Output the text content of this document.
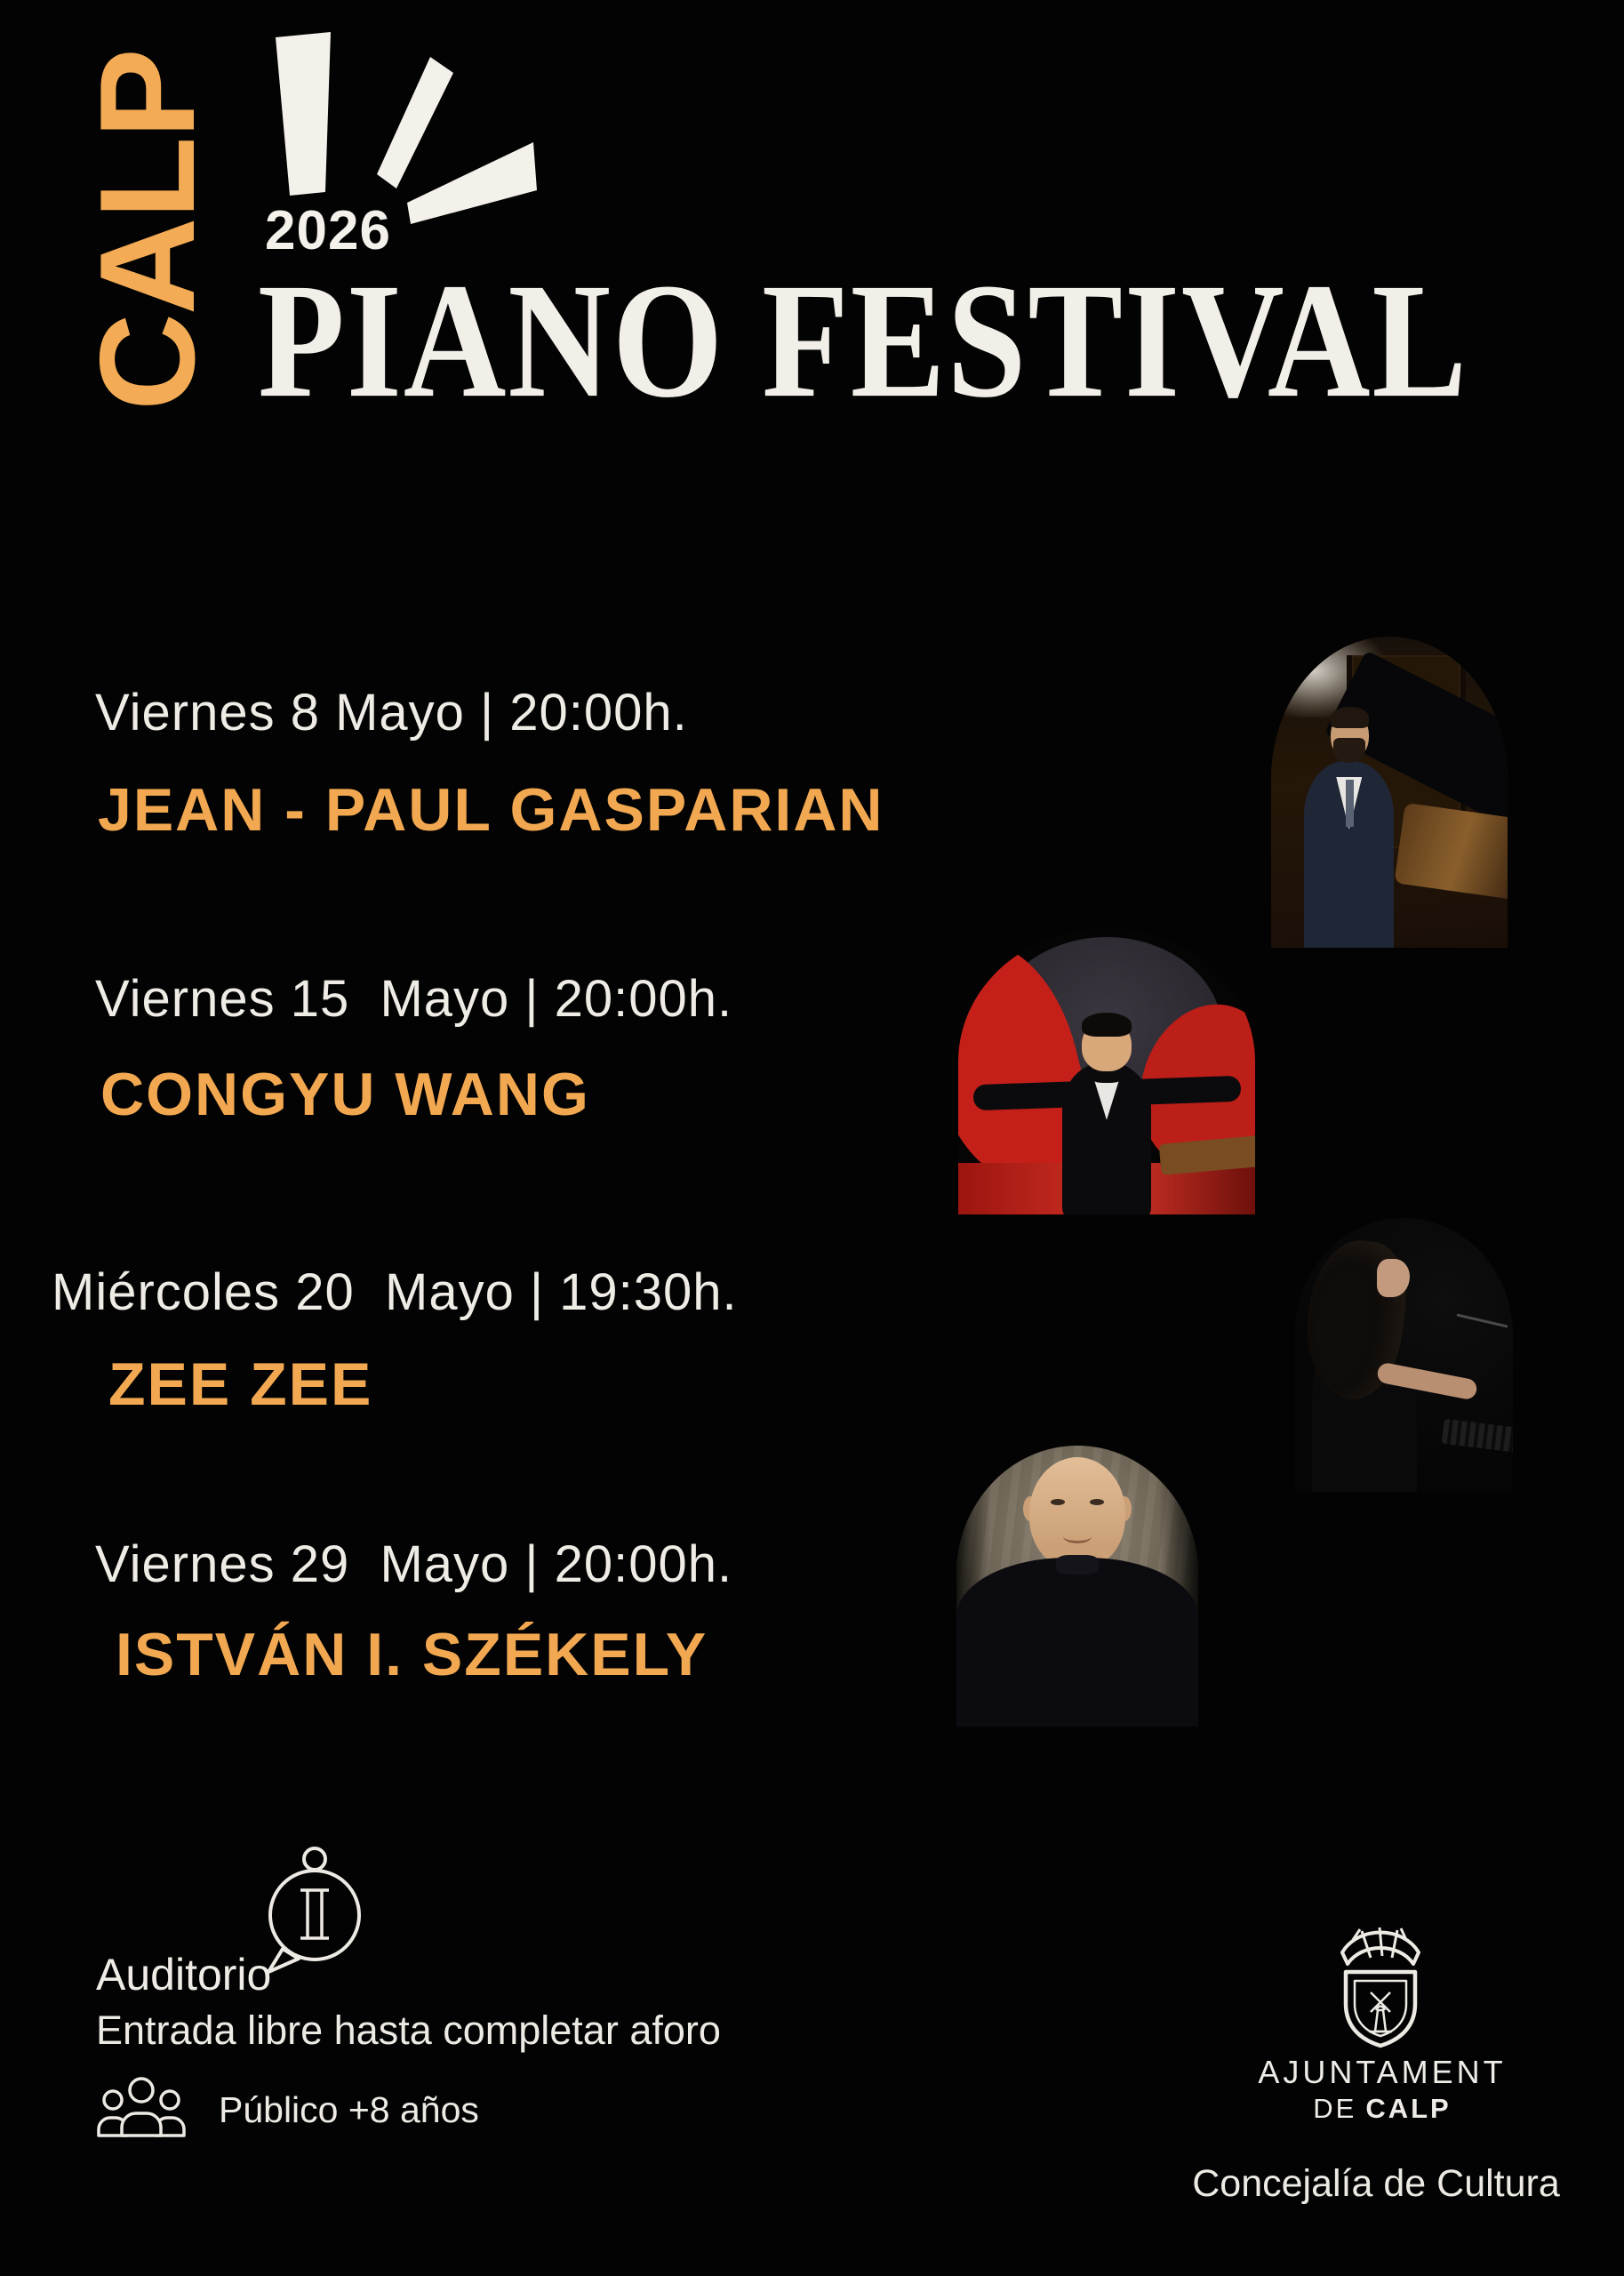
CALP 2026
PIANO FESTIVAL
Viernes 8 Mayo | 20:00h.
JEAN - PAUL GASPARIAN
Viernes 15  Mayo | 20:00h.
CONGYU WANG
Miércoles 20  Mayo | 19:30h.
ZEE ZEE
Viernes 29  Mayo | 20:00h.
ISTVÁN I. SZÉKELY
Auditorio
Entrada libre hasta completar aforo
Público +8 años
AJUNTAMENT
DE CALP
Concejalía de Cultura
